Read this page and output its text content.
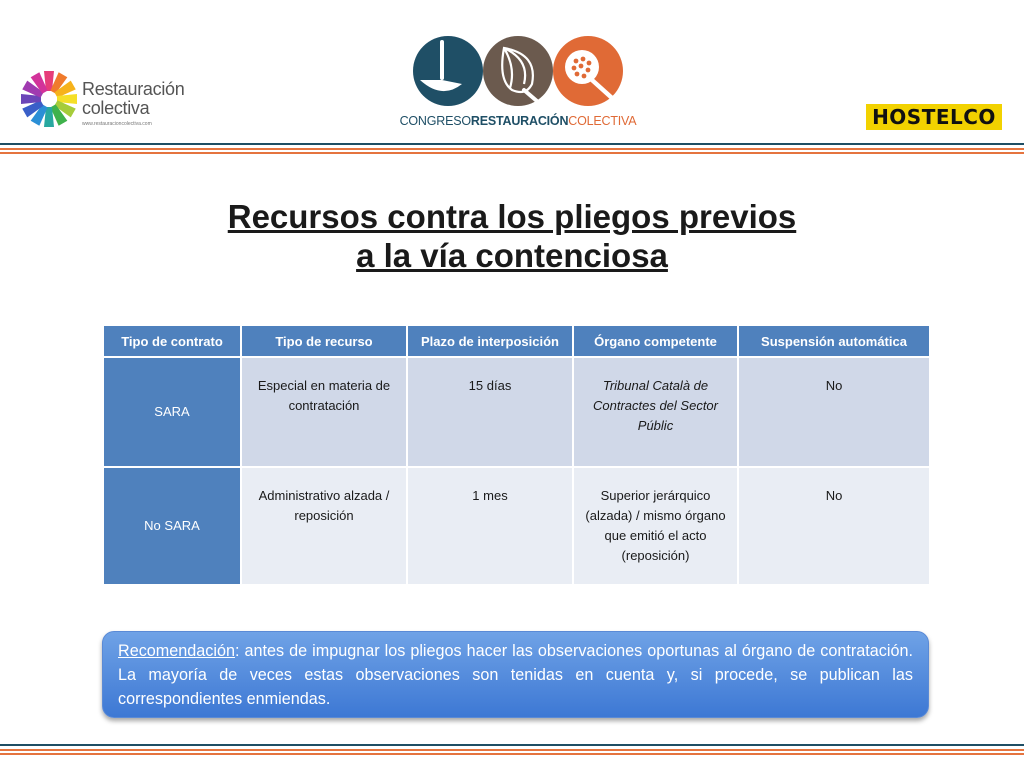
Restauración
colectiva
www.restauracioncolectiva.com	CONGRESORESTAURACIÓNCOLECTIVA	HOSTELCO
Recursos contra los pliegos previos
a la vía contenciosa
Tipo de contrato	Tipo de recurso	Plazo de interposición	Órgano competente	Suspensión automática
SARA	Especial en materia de contratación	15 días	Tribunal Català de Contractes del Sector Públic	No
No SARA	Administrativo alzada / reposición	1 mes	Superior jerárquico (alzada) / mismo órgano que emitió el acto (reposición)	No
Recomendación: antes de impugnar los pliegos hacer las observaciones oportunas al órgano de contratación. La mayoría de veces estas observaciones son tenidas en cuenta y, si procede, se publican las correspondientes enmiendas.
